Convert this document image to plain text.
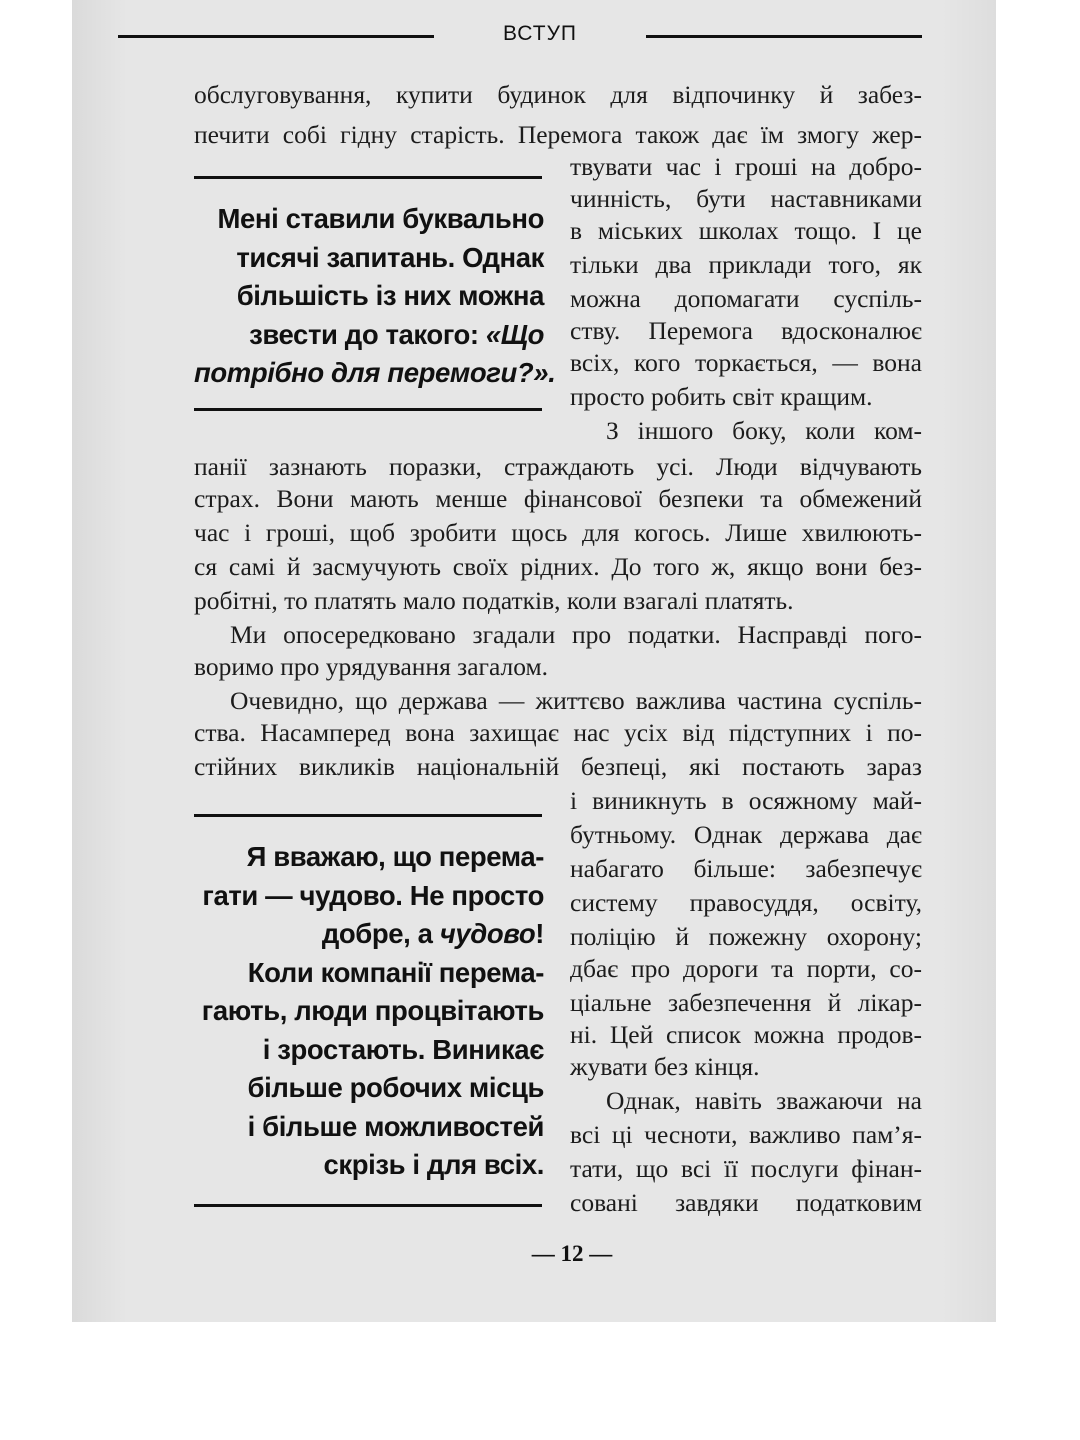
ВСТУП

обслуговування, купити будинок для відпочинку й забез-

печити собі гідну старість. Перемога також дає їм змогу жер-

твувати час і гроші на добро-

чинність, бути наставниками

в міських школах тощо. І це

тільки два приклади того, як

можна допомагати суспіль-

ству. Перемога вдосконалює

всіх, кого торкається, — вона

просто робить світ кращим.

З іншого боку, коли ком-

панії зазнають поразки, страждають усі. Люди відчувають

страх. Вони мають менше фінансової безпеки та обмежений

час і гроші, щоб зробити щось для когось. Лише хвилюють-

ся самі й засмучують своїх рідних. До того ж, якщо вони без-

робітні, то платять мало податків, коли взагалі платять.

Ми опосередковано згадали про податки. Насправді пого-

воримо про урядування загалом.

Очевидно, що держава — життєво важлива частина суспіль-

ства. Насамперед вона захищає нас усіх від підступних і по-

стійних викликів національній безпеці, які постають зараз

і виникнуть в осяжному май-

бутньому. Однак держава дає

набагато більше: забезпечує

систему правосуддя, освіту,

поліцію й пожежну охорону;

дбає про дороги та порти, со-

ціальне забезпечення й лікар-

ні. Цей список можна продов-

жувати без кінця.

Однак, навіть зважаючи на

всі ці чесноти, важливо пам’я-

тати, що всі її послуги фінан-

совані завдяки податковим

Мені ставили буквально
тисячі запитань. Однак
більшість із них можна
звести до такого: «Що
потрібно для перемоги?».
Я вважаю, що перема-
гати — чудово. Не просто
добре, а чудово!
Коли компанії перема-
гають, люди процвітають
і зростають. Виникає
більше робочих місць
і більше можливостей
скрізь і для всіх.
— 12 —
